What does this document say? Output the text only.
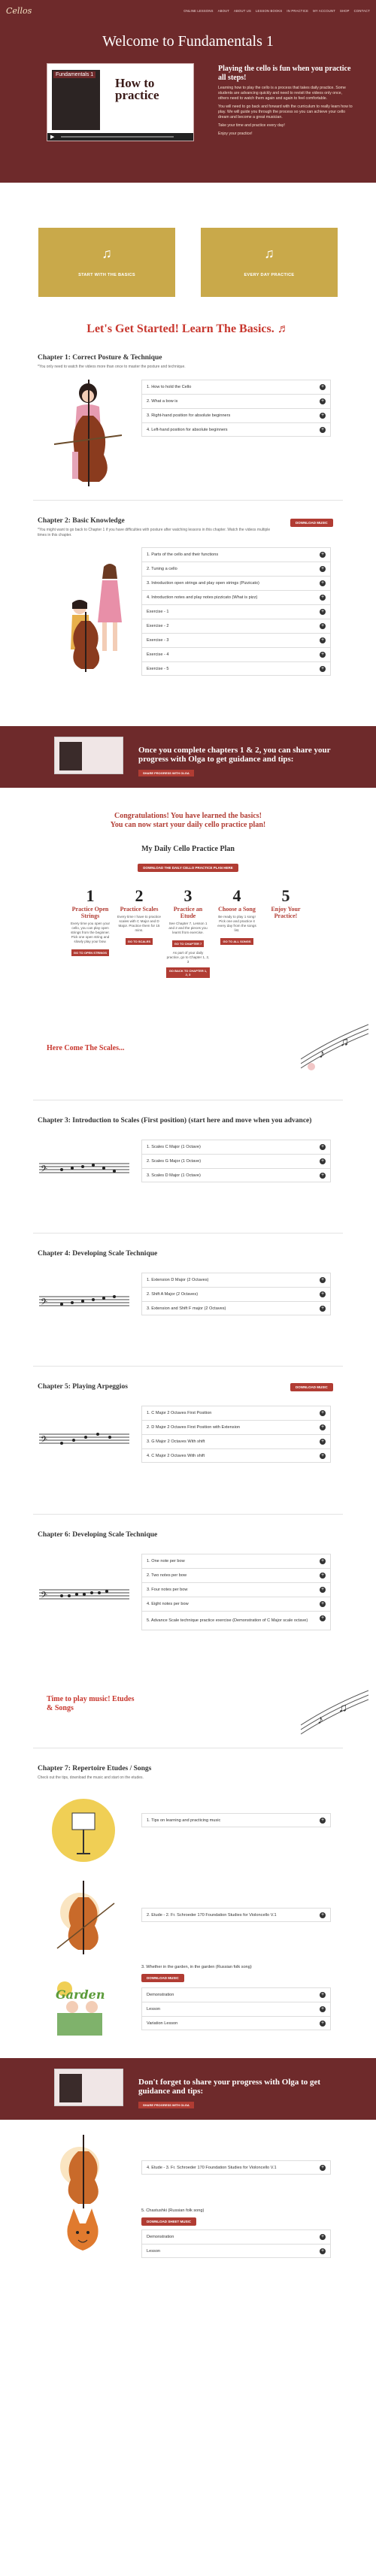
Cellos	ONLINE LESSONS ABOUT ABOUT US LESSON BOOKS IN PRACTICE MY ACCOUNT SHOP CONTACT
Welcome to Fundamentals 1
Fundamentals 1
How to practice
▶
Playing the cello is fun when you practice all steps!

Learning how to play the cello is a process that takes daily practice. Some students are advancing quickly and need to revisit the videos only once, others need to watch them again and again to feel comfortable.

You will need to go back and forward with the curriculum to really learn how to play. We will guide you through the process so you can achieve your cello dream and become a great musician.

Take your time and practice every day!

Enjoy your practice!

♫
START WITH THE BASICS
♫
EVERY DAY PRACTICE
Let's Get Started! Learn The Basics. ♬
Chapter 1: Correct Posture & Technique
*You only need to watch the videos more than once to master the posture and technique.
1. How to hold the Cello	+
2. What a bow is	+
3. Right-hand position for absolute beginners	+
4. Left-hand position for absolute beginners	+
Chapter 2: Basic Knowledge
*You might want to go back to Chapter 1 if you have difficulties with posture after watching lessons in this chapter. Watch the videos multiple times in this chapter.
DOWNLOAD MUSIC
1. Parts of the cello and their functions	+
2. Tuning a cello	+
3. Introduction open strings and play open strings (Pizzicato)	+
4. Introduction notes and play notes pizzicato (What is pizz)	+
Exercise - 1	+
Exercise - 2	+
Exercise - 3	+
Exercise - 4	+
Exercise - 5	+
Once you complete chapters 1 & 2, you can share your progress with Olga to get guidance and tips:
SHARE PROGRESS WITH OLGA
Congratulations! You have learned the basics!
You can now start your daily cello practice plan!
My Daily Cello Practice Plan
DOWNLOAD THE DAILY CELLO PRACTICE PLAN HERE
1
Practice Open Strings
Every time you open your cello, you can play open strings from the beginner. Pick one open string and slowly play your bow.
GO TO OPEN STRINGS
2
Practice Scales
Every time I have to practice scales with C Major and D Major. Practice them for 15 mins.
GO TO SCALES
3
Practice an Etude
See Chapter 7, Lesson 1 and 2 and the pieces you learnt from exercise.
GO TO CHAPTER 7
As part of your daily practice, go to Chapter 1, 2, 3
GO BACK TO CHAPTER 1, 2, 3
4
Choose a Song
Be ready to play 1 song! Pick one and practice it every day from the songs list.
GO TO ALL SONGS
5
Enjoy Your Practice!
Here Come The Scales...	♪
♫
Chapter 3: Introduction to Scales (First position) (start here and move when you advance)
𝄢
1. Scales C Major (1 Octave)	+
2. Scales G Major (1 Octave)	+
3. Scales D Major (1 Octave)	+
Chapter 4: Developing Scale Technique
𝄢
1. Extension D Major (2 Octaves)	+
2. Shift A Major (2 Octaves)	+
3. Extension and Shift F major (2 Octaves)	+
Chapter 5: Playing Arpeggios	DOWNLOAD MUSIC
𝄢
1. C Major 2 Octaves First Position	+
2. D Major 2 Octaves First Position with Extension	+
3. G Major 2 Octaves With shift	+
4. C Major 2 Octaves With shift	+
Chapter 6: Developing Scale Technique
𝄢
1. One note per bow	+
2. Two notes per bow	+
3. Four notes per bow	+
4. Eight notes per bow	+
5. Advance Scale technique practice exercise (Demonstration of C Major scale octave)	+
Time to play music! Etudes & Songs
♪
♫
Chapter 7: Repertoire Etudes / Songs
Check out the tips, download the music and start on the etudes.
1. Tips on learning and practicing music	+
2. Etude - 2. Fr. Schroeder 170 Foundation Studies for Violoncello V.1	+
Garden
3. Whether in the garden, in the garden (Russian folk song)
DOWNLOAD MUSIC
Demonstration	+
Lesson	+
Variation Lesson	+
Don't forget to share your progress with Olga to get guidance and tips:
SHARE PROGRESS WITH OLGA
4. Etude - 3. Fr. Schroeder 170 Foundation Studies for Violoncello V.1	+
5. Chastushki (Russian folk song)
DOWNLOAD SHEET MUSIC
Demonstration	+
Lesson	+
